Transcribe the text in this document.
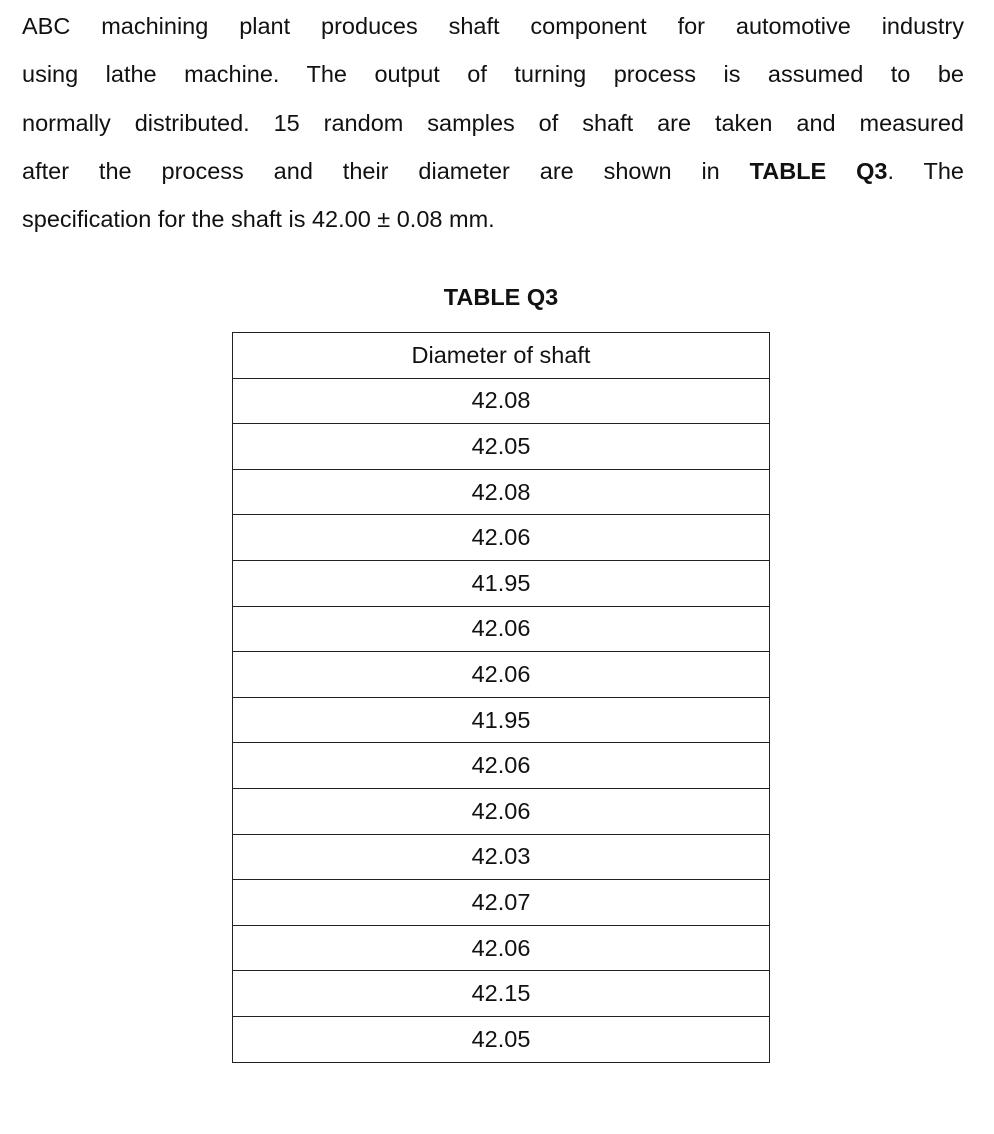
ABC machining plant produces shaft component for automotive industry
using lathe machine. The output of turning process is assumed to be
normally distributed. 15 random samples of shaft are taken and measured
after the process and their diameter are shown in TABLE Q3. The
specification for the shaft is 42.00 ± 0.08 mm.
TABLE Q3
Diameter of shaft
42.08
42.05
42.08
42.06
41.95
42.06
42.06
41.95
42.06
42.06
42.03
42.07
42.06
42.15
42.05
